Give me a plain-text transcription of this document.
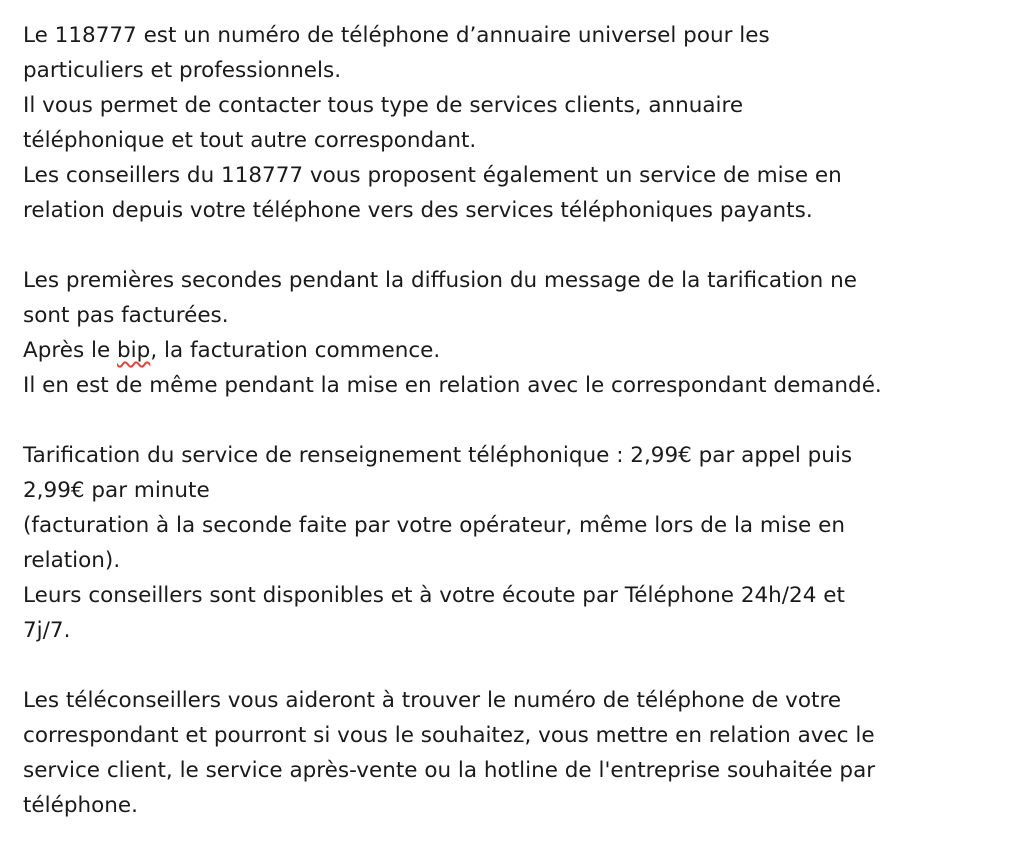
Le 118777 est un numéro de téléphone d’annuaire universel pour les
particuliers et professionnels.
Il vous permet de contacter tous type de services clients, annuaire
téléphonique et tout autre correspondant.
Les conseillers du 118777 vous proposent également un service de mise en
relation depuis votre téléphone vers des services téléphoniques payants.
Les premières secondes pendant la diffusion du message de la tarification ne
sont pas facturées.
Après le bip, la facturation commence.
Il en est de même pendant la mise en relation avec le correspondant demandé.
Tarification du service de renseignement téléphonique : 2,99€ par appel puis
2,99€ par minute
(facturation à la seconde faite par votre opérateur, même lors de la mise en
relation).
Leurs conseillers sont disponibles et à votre écoute par Téléphone 24h/24 et
7j/7.
Les téléconseillers vous aideront à trouver le numéro de téléphone de votre
correspondant et pourront si vous le souhaitez, vous mettre en relation avec le
service client, le service après-vente ou la hotline de l'entreprise souhaitée par
téléphone.
